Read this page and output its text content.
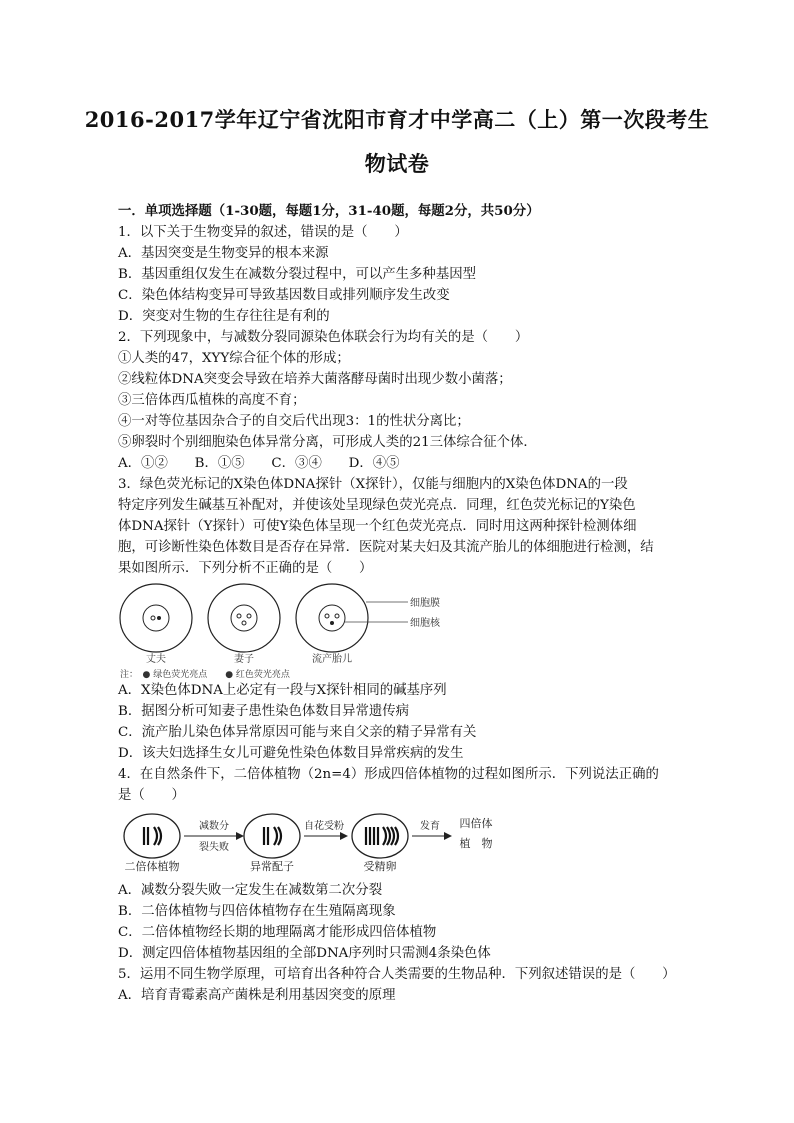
2016-2017学年辽宁省沈阳市育才中学高二（上）第一次段考生
物试卷
一．单项选择题（1-30题，每题1分，31-40题，每题2分，共50分）
1．以下关于生物变异的叙述，错误的是（　　）
A．基因突变是生物变异的根本来源
B．基因重组仅发生在减数分裂过程中，可以产生多种基因型
C．染色体结构变异可导致基因数目或排列顺序发生改变
D．突变对生物的生存往往是有利的
2．下列现象中，与减数分裂同源染色体联会行为均有关的是（　　）
①人类的47，XYY综合征个体的形成；
②线粒体DNA突变会导致在培养大菌落酵母菌时出现少数小菌落；
③三倍体西瓜植株的高度不育；
④一对等位基因杂合子的自交后代出现3：1的性状分离比；
⑤卵裂时个别细胞染色体异常分离，可形成人类的21三体综合征个体．
A．①②　　B．①⑤　　C．③④　　D．④⑤
3．绿色荧光标记的X染色体DNA探针（X探针），仅能与细胞内的X染色体DNA的一段
特定序列发生碱基互补配对，并使该处呈现绿色荧光亮点．同理，红色荧光标记的Y染色
体DNA探针（Y探针）可使Y染色体呈现一个红色荧光亮点．同时用这两种探针检测体细
胞，可诊断性染色体数目是否存在异常．医院对某夫妇及其流产胎儿的体细胞进行检测，结
果如图所示．下列分析不正确的是（　　）
细胞膜
细胞核
丈夫	妻子	流产胎儿
注：　● 绿色荧光亮点　　● 红色荧光亮点
A．X染色体DNA上必定有一段与X探针相同的碱基序列
B．据图分析可知妻子患性染色体数目异常遗传病
C．流产胎儿染色体异常原因可能与来自父亲的精子异常有关
D．该夫妇选择生女儿可避免性染色体数目异常疾病的发生
4．在自然条件下，二倍体植物（2n=4）形成四倍体植物的过程如图所示．下列说法正确的
是（　　）
二倍体植物
减数分
裂失败
异常配子
自花受粉
受精卵
发育 四倍体
植　物
A．减数分裂失败一定发生在减数第二次分裂
B．二倍体植物与四倍体植物存在生殖隔离现象
C．二倍体植物经长期的地理隔离才能形成四倍体植物
D．测定四倍体植物基因组的全部DNA序列时只需测4条染色体
5．运用不同生物学原理，可培育出各种符合人类需要的生物品种．下列叙述错误的是（　　）
A．培育青霉素高产菌株是利用基因突变的原理
